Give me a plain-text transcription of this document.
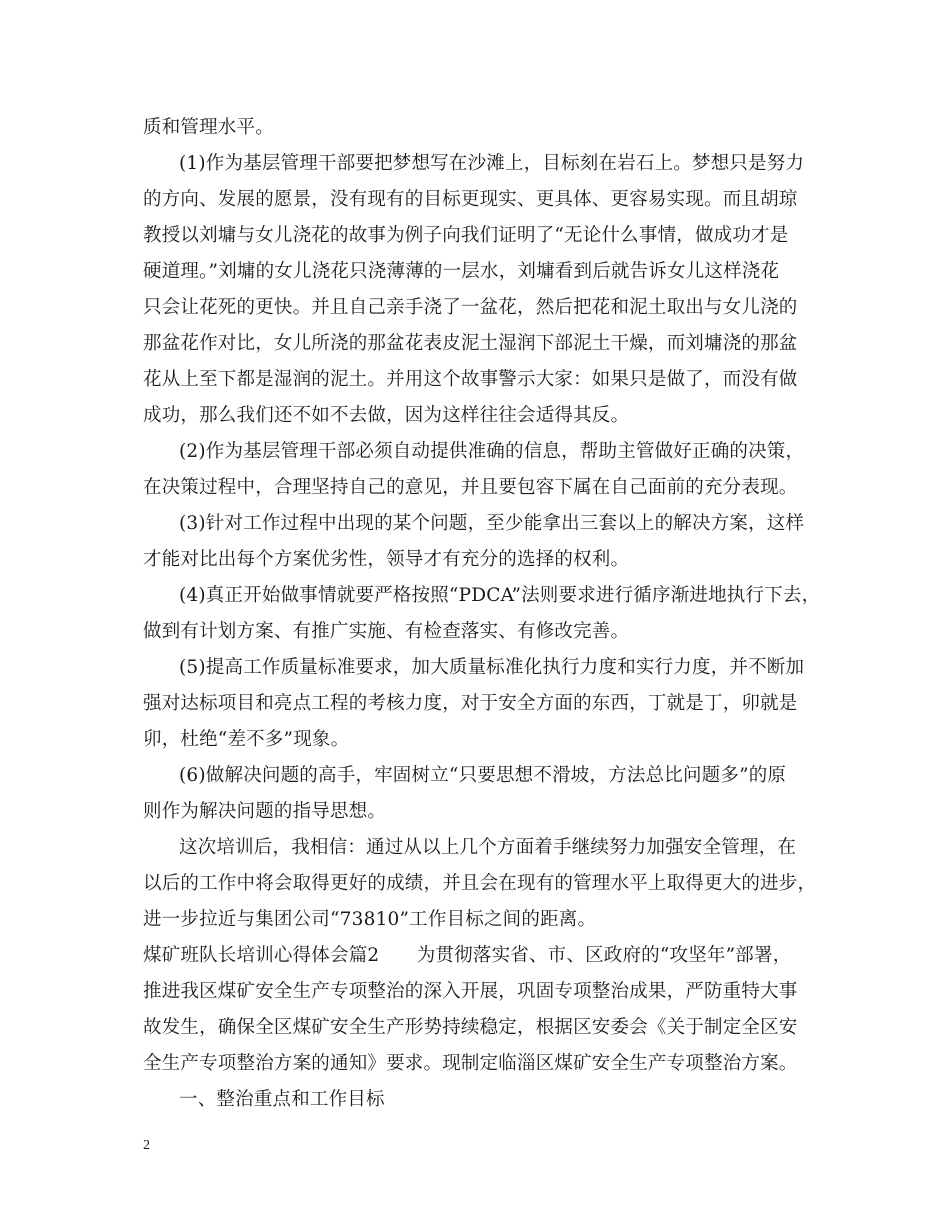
质和管理水平。
(1)作为基层管理干部要把梦想写在沙滩上，目标刻在岩石上。梦想只是努力
的方向、发展的愿景，没有现有的目标更现实、更具体、更容易实现。而且胡琼
教授以刘墉与女儿浇花的故事为例子向我们证明了“无论什么事情，做成功才是
硬道理。”刘墉的女儿浇花只浇薄薄的一层水，刘墉看到后就告诉女儿这样浇花
只会让花死的更快。并且自己亲手浇了一盆花，然后把花和泥土取出与女儿浇的
那盆花作对比，女儿所浇的那盆花表皮泥土湿润下部泥土干燥，而刘墉浇的那盆
花从上至下都是湿润的泥土。并用这个故事警示大家：如果只是做了，而没有做
成功，那么我们还不如不去做，因为这样往往会适得其反。
(2)作为基层管理干部必须自动提供准确的信息，帮助主管做好正确的决策，
在决策过程中，合理坚持自己的意见，并且要包容下属在自己面前的充分表现。
(3)针对工作过程中出现的某个问题，至少能拿出三套以上的解决方案，这样
才能对比出每个方案优劣性，领导才有充分的选择的权利。
(4)真正开始做事情就要严格按照“PDCA”法则要求进行循序渐进地执行下去，
做到有计划方案、有推广实施、有检查落实、有修改完善。
(5)提高工作质量标准要求，加大质量标准化执行力度和实行力度，并不断加
强对达标项目和亮点工程的考核力度，对于安全方面的东西，丁就是丁，卯就是
卯，杜绝“差不多”现象。
(6)做解决问题的高手，牢固树立“只要思想不滑坡，方法总比问题多”的原
则作为解决问题的指导思想。
这次培训后，我相信：通过从以上几个方面着手继续努力加强安全管理，在
以后的工作中将会取得更好的成绩，并且会在现有的管理水平上取得更大的进步，
进一步拉近与集团公司“73810”工作目标之间的距离。
煤矿班队长培训心得体会篇2　　为贯彻落实省、市、区政府的“攻坚年”部署，
推进我区煤矿安全生产专项整治的深入开展，巩固专项整治成果，严防重特大事
故发生，确保全区煤矿安全生产形势持续稳定，根据区安委会《关于制定全区安
全生产专项整治方案的通知》要求。现制定临淄区煤矿安全生产专项整治方案。
一、整治重点和工作目标
2
